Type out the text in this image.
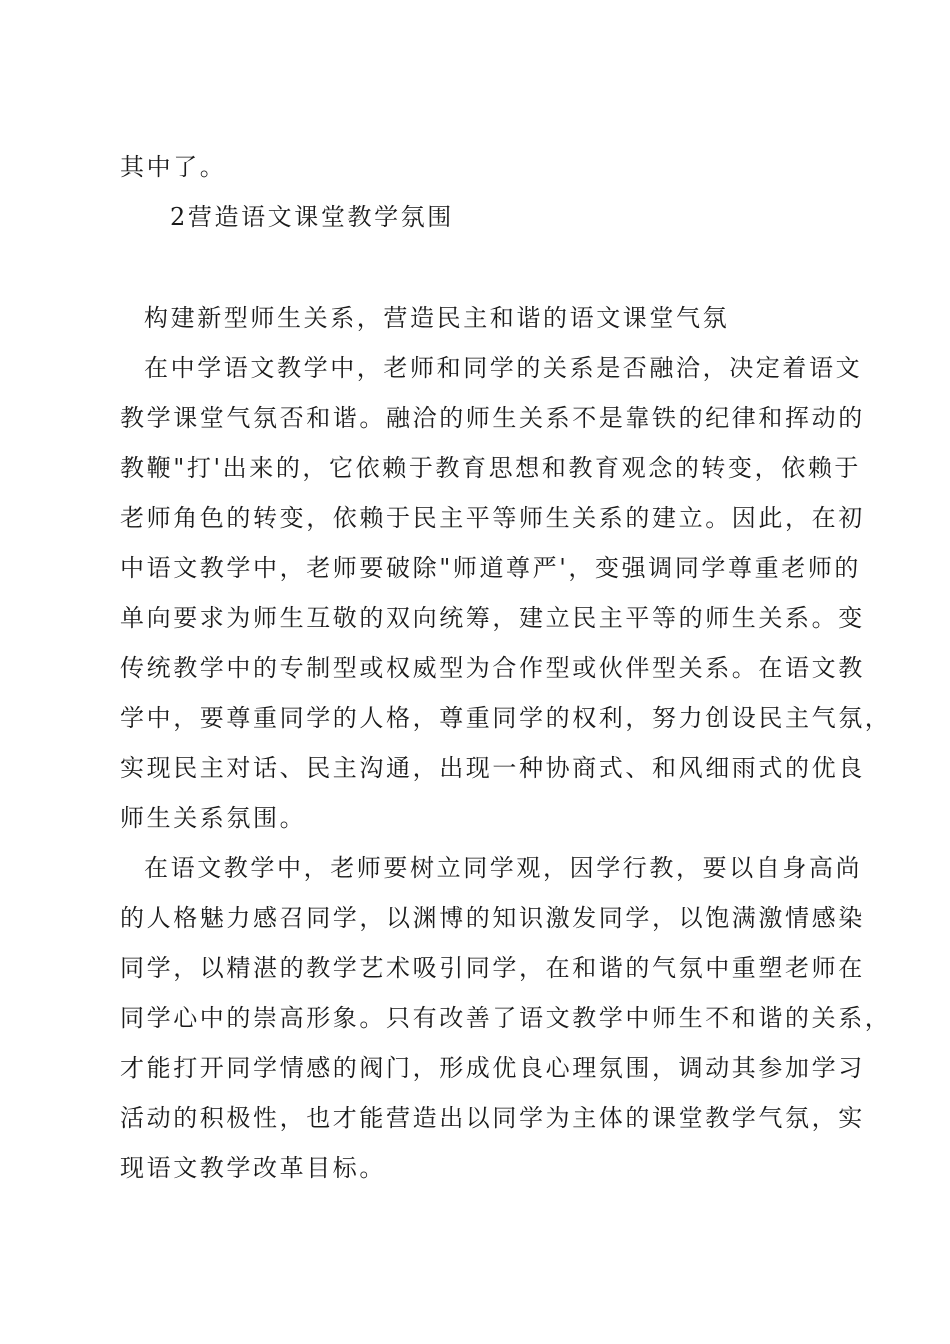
其中了。
2营造语文课堂教学氛围
构建新型师生关系，营造民主和谐的语文课堂气氛
在中学语文教学中，老师和同学的关系是否融洽，决定着语文
教学课堂气氛否和谐。融洽的师生关系不是靠铁的纪律和挥动的
教鞭"打'出来的，它依赖于教育思想和教育观念的转变，依赖于
老师角色的转变，依赖于民主平等师生关系的建立。因此，在初
中语文教学中，老师要破除"师道尊严'，变强调同学尊重老师的
单向要求为师生互敬的双向统筹，建立民主平等的师生关系。变
传统教学中的专制型或权威型为合作型或伙伴型关系。在语文教
学中，要尊重同学的人格，尊重同学的权利，努力创设民主气氛，
实现民主对话、民主沟通，出现一种协商式、和风细雨式的优良
师生关系氛围。
在语文教学中，老师要树立同学观，因学行教，要以自身高尚
的人格魅力感召同学，以渊博的知识激发同学，以饱满激情感染
同学，以精湛的教学艺术吸引同学，在和谐的气氛中重塑老师在
同学心中的崇高形象。只有改善了语文教学中师生不和谐的关系，
才能打开同学情感的阀门，形成优良心理氛围，调动其参加学习
活动的积极性，也才能营造出以同学为主体的课堂教学气氛，实
现语文教学改革目标。
